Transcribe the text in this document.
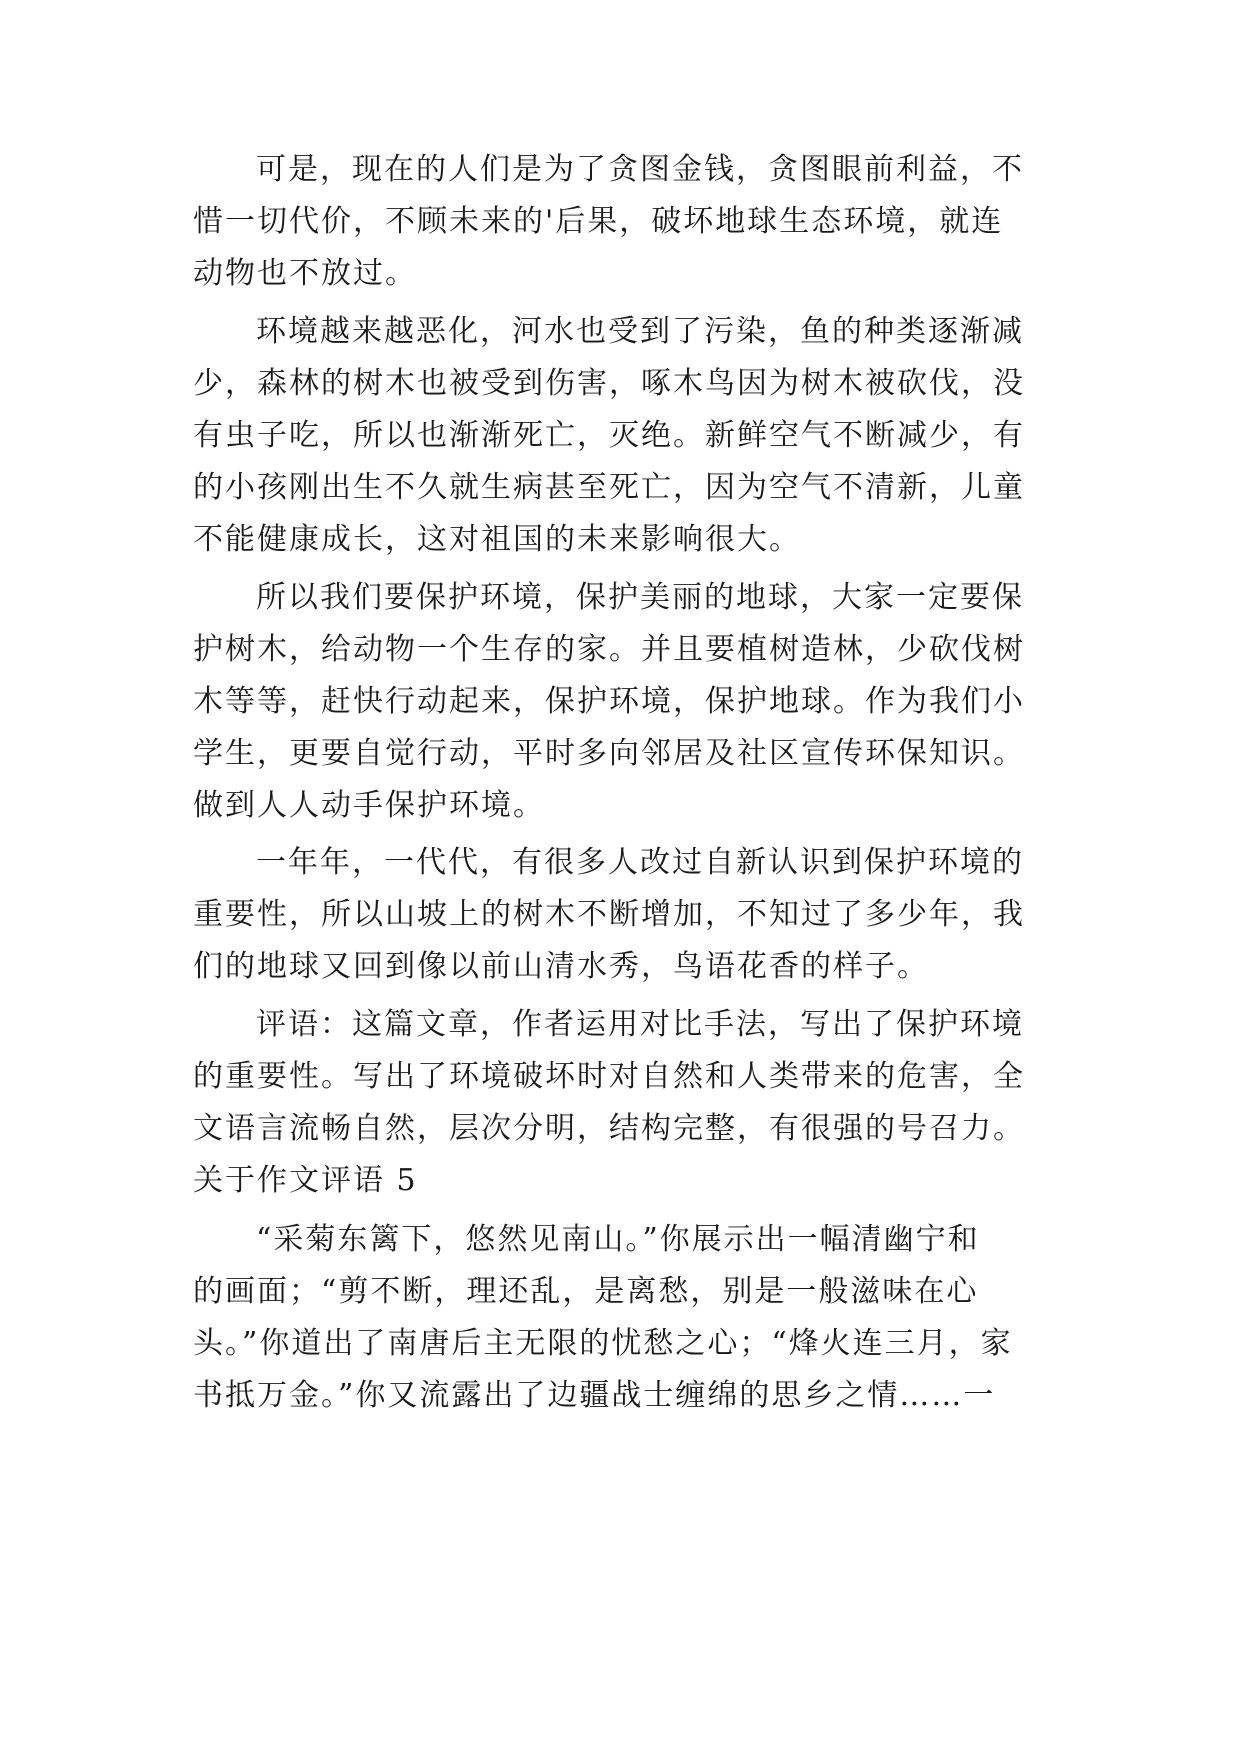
可是，现在的人们是为了贪图金钱，贪图眼前利益，不
惜一切代价，不顾未来的'后果，破坏地球生态环境，就连
动物也不放过。
环境越来越恶化，河水也受到了污染，鱼的种类逐渐减
少，森林的树木也被受到伤害，啄木鸟因为树木被砍伐，没
有虫子吃，所以也渐渐死亡，灭绝。新鲜空气不断减少，有
的小孩刚出生不久就生病甚至死亡，因为空气不清新，儿童
不能健康成长，这对祖国的未来影响很大。
所以我们要保护环境，保护美丽的地球，大家一定要保
护树木，给动物一个生存的家。并且要植树造林，少砍伐树
木等等，赶快行动起来，保护环境，保护地球。作为我们小
学生，更要自觉行动，平时多向邻居及社区宣传环保知识。
做到人人动手保护环境。
一年年，一代代，有很多人改过自新认识到保护环境的
重要性，所以山坡上的树木不断增加，不知过了多少年，我
们的地球又回到像以前山清水秀，鸟语花香的样子。
评语：这篇文章，作者运用对比手法，写出了保护环境
的重要性。写出了环境破坏时对自然和人类带来的危害，全
文语言流畅自然，层次分明，结构完整，有很强的号召力。
关于作文评语 5
“采菊东篱下，悠然见南山。”你展示出一幅清幽宁和
的画面；“剪不断，理还乱，是离愁，别是一般滋味在心
头。”你道出了南唐后主无限的忧愁之心；“烽火连三月，家
书抵万金。”你又流露出了边疆战士缠绵的思乡之情……一
